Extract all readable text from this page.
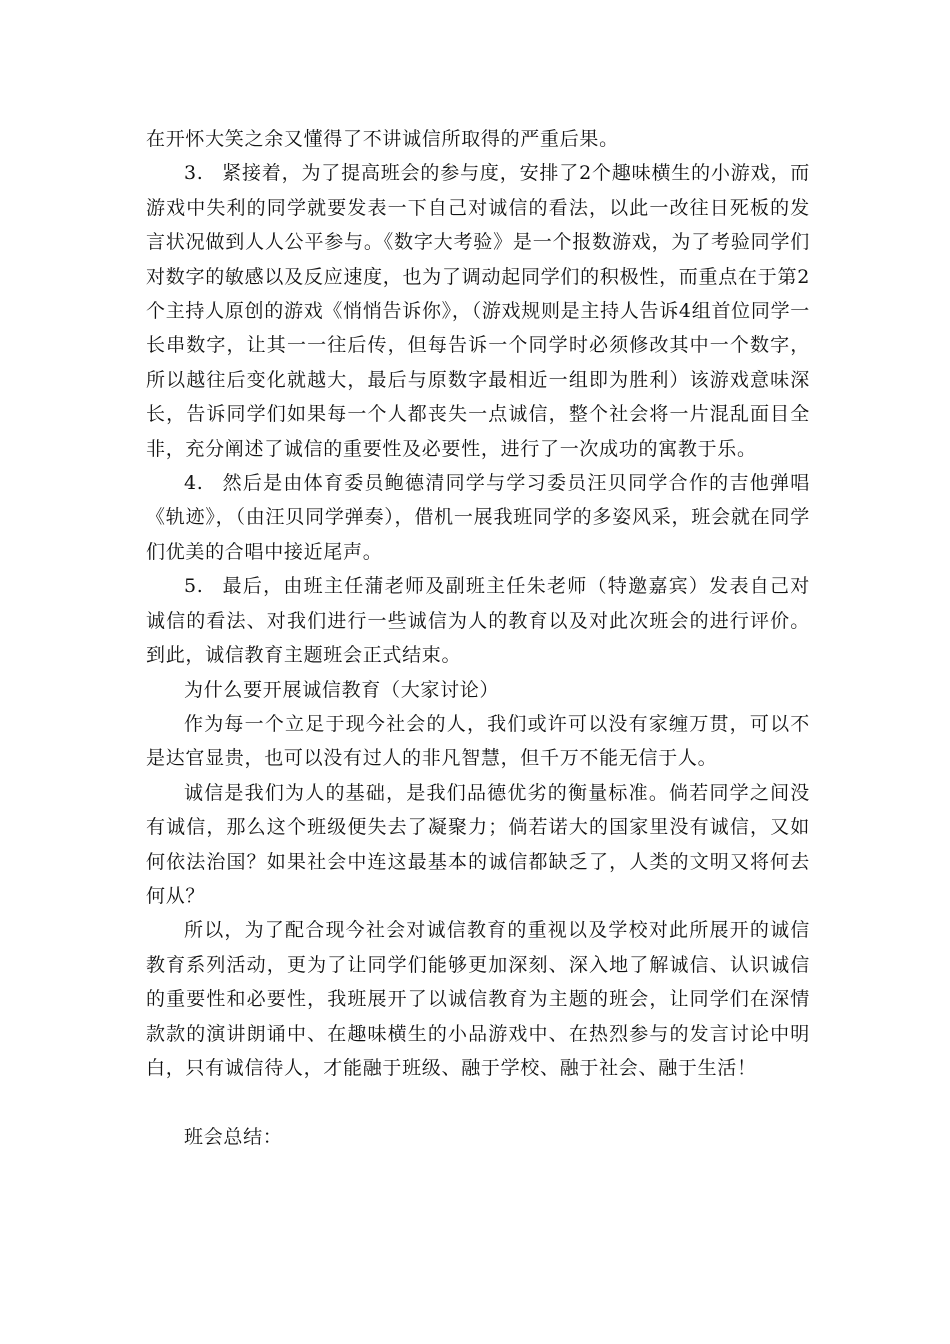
在开怀大笑之余又懂得了不讲诚信所取得的严重后果。

3. 紧接着，为了提高班会的参与度，安排了2个趣味横生的小游戏，而游戏中失利的同学就要发表一下自己对诚信的看法，以此一改往日死板的发言状况做到人人公平参与。《数字大考验》是一个报数游戏，为了考验同学们对数字的敏感以及反应速度，也为了调动起同学们的积极性，而重点在于第2个主持人原创的游戏《悄悄告诉你》，（游戏规则是主持人告诉4组首位同学一长串数字，让其一一往后传，但每告诉一个同学时必须修改其中一个数字，所以越往后变化就越大，最后与原数字最相近一组即为胜利）该游戏意味深长，告诉同学们如果每一个人都丧失一点诚信，整个社会将一片混乱面目全非，充分阐述了诚信的重要性及必要性，进行了一次成功的寓教于乐。

4. 然后是由体育委员鲍德清同学与学习委员汪贝同学合作的吉他弹唱《轨迹》，（由汪贝同学弹奏），借机一展我班同学的多姿风采，班会就在同学们优美的合唱中接近尾声。

5. 最后，由班主任蒲老师及副班主任朱老师（特邀嘉宾）发表自己对诚信的看法、对我们进行一些诚信为人的教育以及对此次班会的进行评价。到此，诚信教育主题班会正式结束。

为什么要开展诚信教育（大家讨论）

作为每一个立足于现今社会的人，我们或许可以没有家缠万贯，可以不是达官显贵，也可以没有过人的非凡智慧，但千万不能无信于人。

诚信是我们为人的基础，是我们品德优劣的衡量标准。倘若同学之间没有诚信，那么这个班级便失去了凝聚力；倘若诺大的国家里没有诚信，又如何依法治国？如果社会中连这最基本的诚信都缺乏了，人类的文明又将何去何从？

所以，为了配合现今社会对诚信教育的重视以及学校对此所展开的诚信教育系列活动，更为了让同学们能够更加深刻、深入地了解诚信、认识诚信的重要性和必要性，我班展开了以诚信教育为主题的班会，让同学们在深情款款的演讲朗诵中、在趣味横生的小品游戏中、在热烈参与的发言讨论中明白，只有诚信待人，才能融于班级、融于学校、融于社会、融于生活！

班会总结：
